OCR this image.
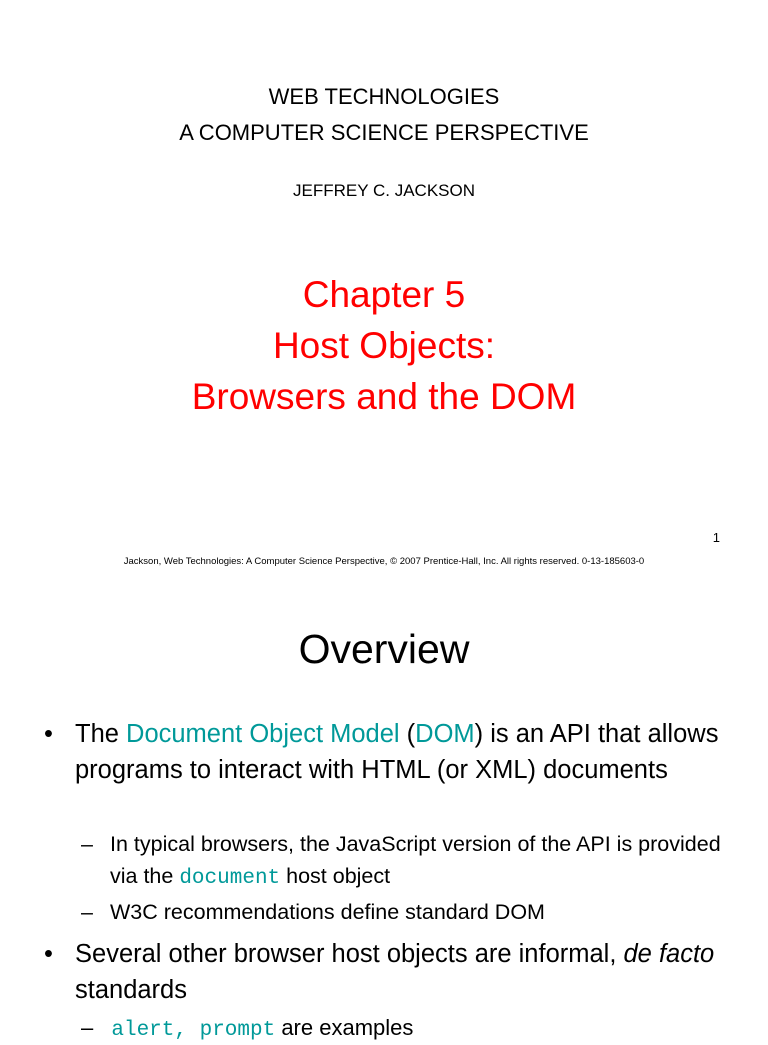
WEB TECHNOLOGIES
A COMPUTER SCIENCE PERSPECTIVE
JEFFREY C. JACKSON
Chapter 5
Host Objects:
Browsers and the DOM
1
Jackson, Web Technologies: A Computer Science Perspective, © 2007 Prentice-Hall, Inc. All rights reserved. 0-13-185603-0
Overview
• The Document Object Model (DOM) is an API that allows programs to interact with HTML (or XML) documents
– In typical browsers, the JavaScript version of the API is provided via the document host object
– W3C recommendations define standard DOM
• Several other browser host objects are informal, de facto standards
– alert, prompt are examples
